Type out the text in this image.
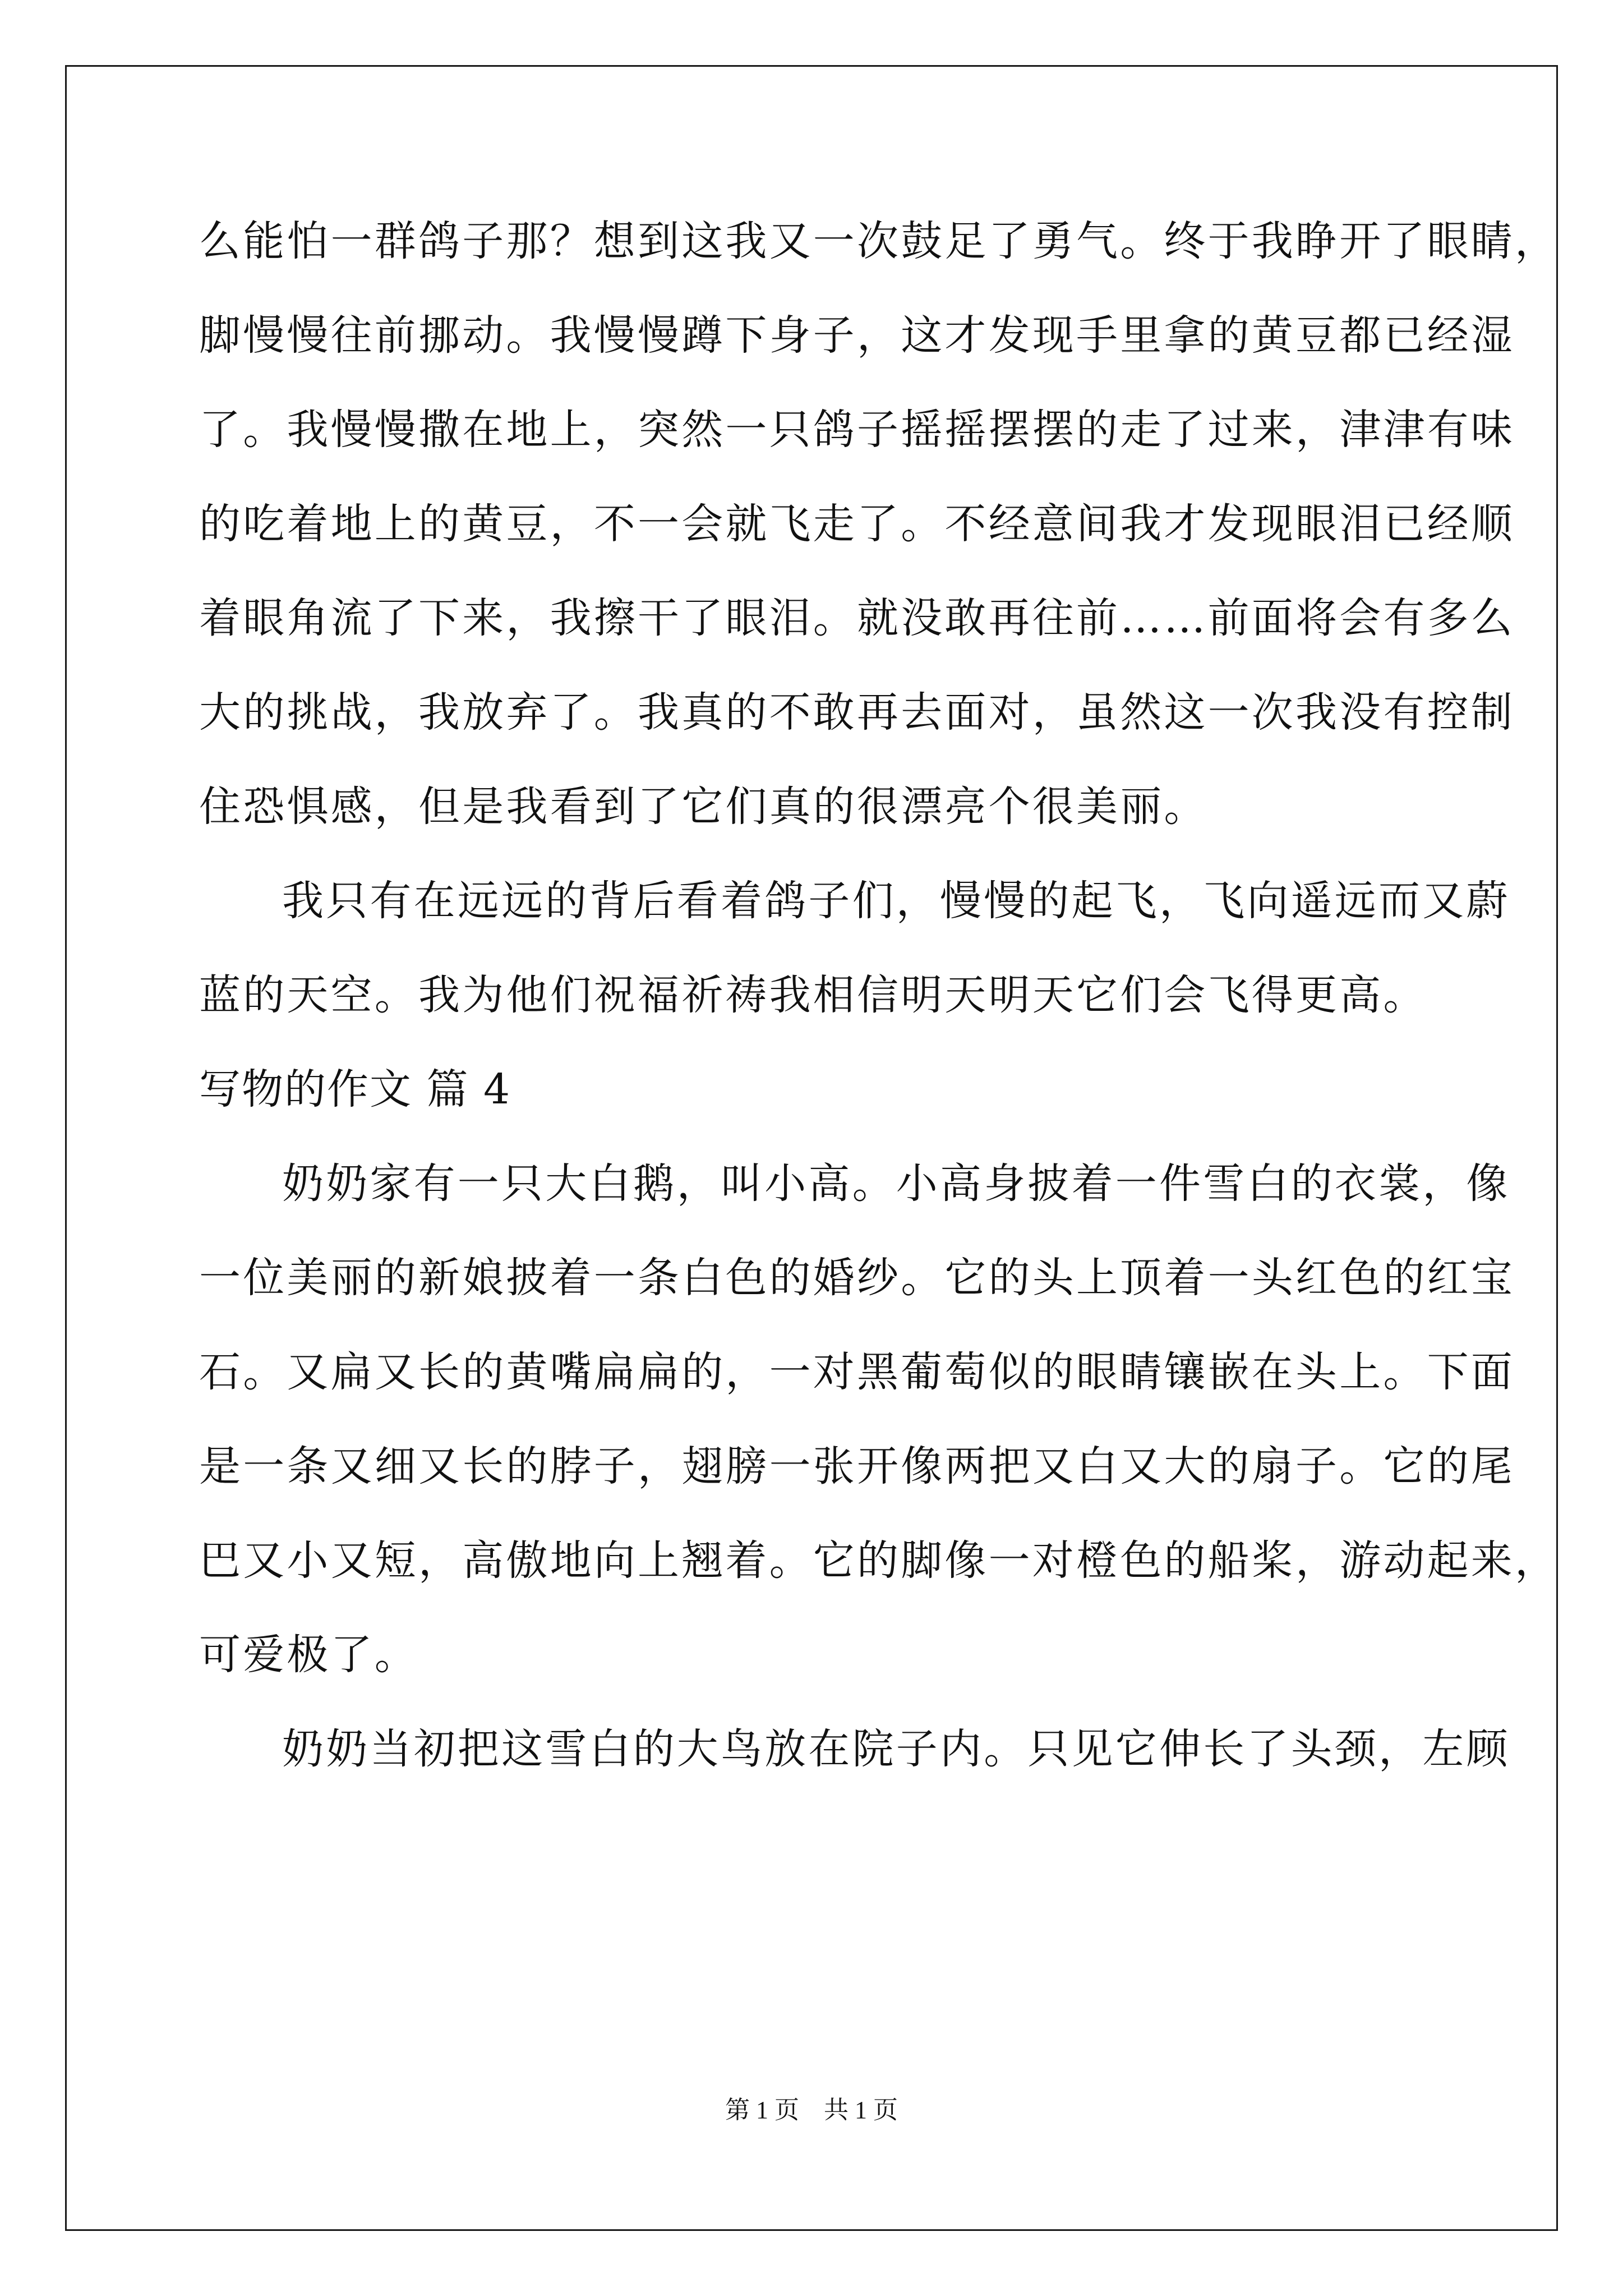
么能怕一群鸽子那？想到这我又一次鼓足了勇气。终于我睁开了眼睛，
脚慢慢往前挪动。我慢慢蹲下身子，这才发现手里拿的黄豆都已经湿
了。我慢慢撒在地上，突然一只鸽子摇摇摆摆的走了过来，津津有味
的吃着地上的黄豆，不一会就飞走了。不经意间我才发现眼泪已经顺
着眼角流了下来，我擦干了眼泪。就没敢再往前……前面将会有多么
大的挑战，我放弃了。我真的不敢再去面对，虽然这一次我没有控制
住恐惧感，但是我看到了它们真的很漂亮个很美丽。
我只有在远远的背后看着鸽子们，慢慢的起飞，飞向遥远而又蔚
蓝的天空。我为他们祝福祈祷我相信明天明天它们会飞得更高。
写物的作文 篇 4
奶奶家有一只大白鹅，叫小高。小高身披着一件雪白的衣裳，像
一位美丽的新娘披着一条白色的婚纱。它的头上顶着一头红色的红宝
石。又扁又长的黄嘴扁扁的，一对黑葡萄似的眼睛镶嵌在头上。下面
是一条又细又长的脖子，翅膀一张开像两把又白又大的扇子。它的尾
巴又小又短，高傲地向上翘着。它的脚像一对橙色的船桨，游动起来，
可爱极了。
奶奶当初把这雪白的大鸟放在院子内。只见它伸长了头颈，左顾
第 1 页 共 1 页
